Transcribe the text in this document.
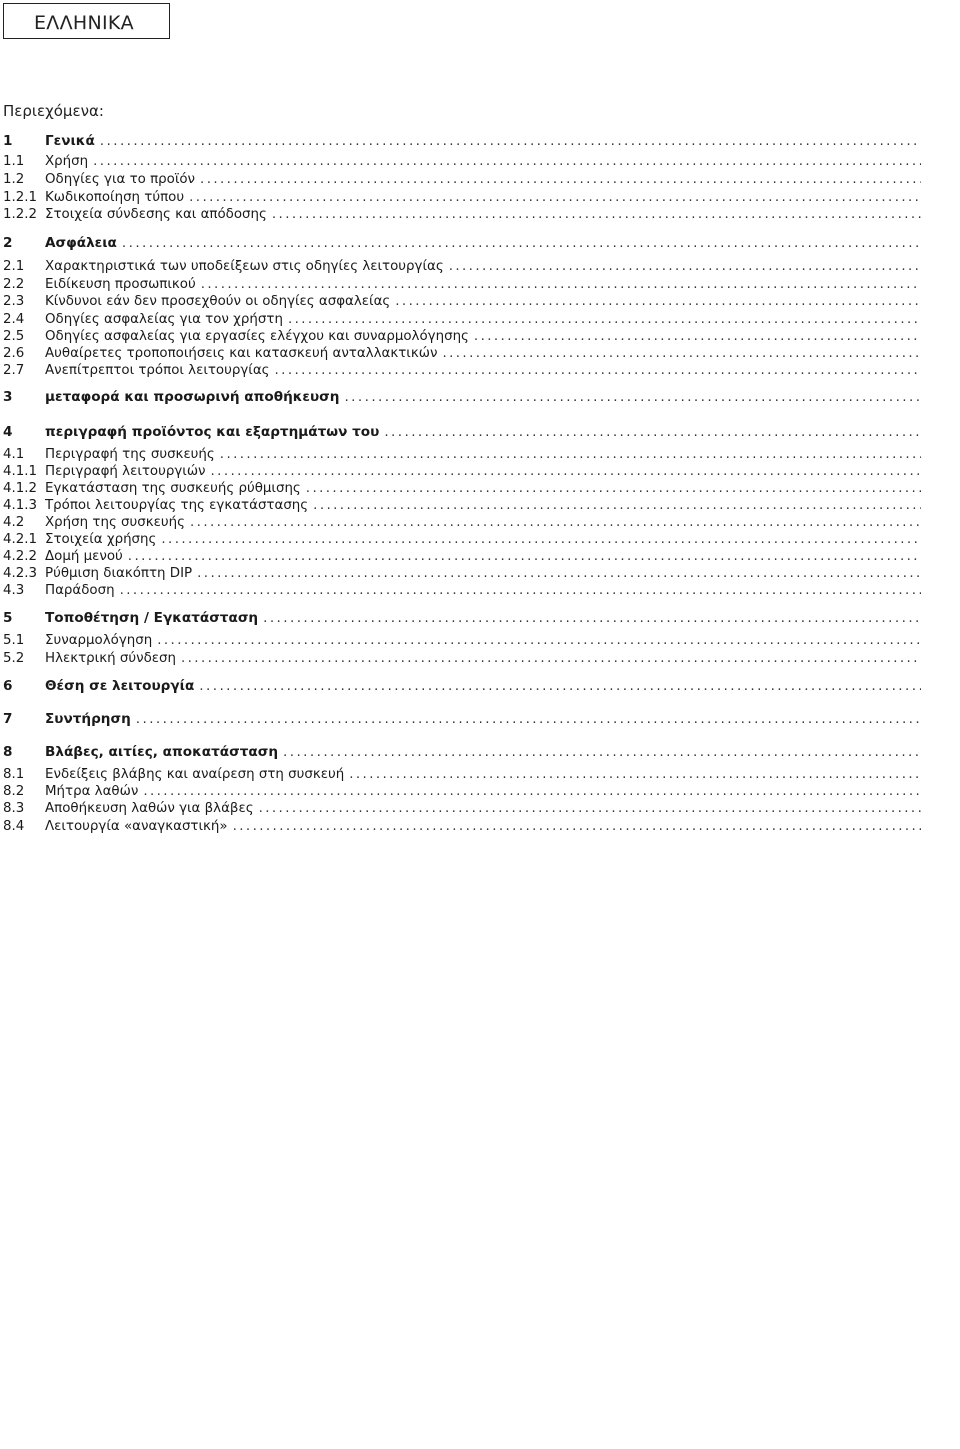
ΕΛΛΗΝΙΚΑ
Περιεχόμενα:
1	Γενικά
.....
1.1	Χρήση
.....
1.2	Οδηγίες για το προϊόν
.....
1.2.1 Κωδικοποίηση τύπου
.....
1.2.2 Στοιχεία σύνδεσης και απόδοσης
.....
2	Ασφάλεια
.....
2.1	Χαρακτηριστικά των υποδείξεων στις οδηγίες λειτουργίας
.....
2.2	Ειδίκευση προσωπικού
.....
2.3	Κίνδυνοι εάν δεν προσεχθούν οι οδηγίες ασφαλείας
.....
2.4	Οδηγίες ασφαλείας για τον χρήστη
.....
2.5	Οδηγίες ασφαλείας για εργασίες ελέγχου και συναρμολόγησης
.....
2.6	Αυθαίρετες τροποποιήσεις και κατασκευή ανταλλακτικών
.....
2.7	Ανεπίτρεπτοι τρόποι λειτουργίας
.....
3	μεταφορά και προσωρινή αποθήκευση
.....
4	περιγραφή προϊόντος και εξαρτημάτων του
.....
4.1	Περιγραφή της συσκευής
.....
4.1.1 Περιγραφή λειτουργιών
.....
4.1.2 Εγκατάσταση της συσκευής ρύθμισης
.....
4.1.3 Τρόποι λειτουργίας της εγκατάστασης
.....
4.2	Χρήση της συσκευής
.....
4.2.1 Στοιχεία χρήσης
.....
4.2.2 Δομή μενού
.....
4.2.3 Ρύθμιση διακόπτη DIP
.....
4.3	Παράδοση
.....
5	Τοποθέτηση / Εγκατάσταση
.....
5.1	Συναρμολόγηση
.....
5.2	Ηλεκτρική σύνδεση
.....
6	Θέση σε λειτουργία
.....
7	Συντήρηση
.....
8	Βλάβες, αιτίες, αποκατάσταση
.....
8.1	Ενδείξεις βλάβης και αναίρεση στη συσκευή
.....
8.2	Μήτρα λαθών
.....
8.3	Αποθήκευση λαθών για βλάβες
.....
8.4	Λειτουργία «αναγκαστική»
.....
